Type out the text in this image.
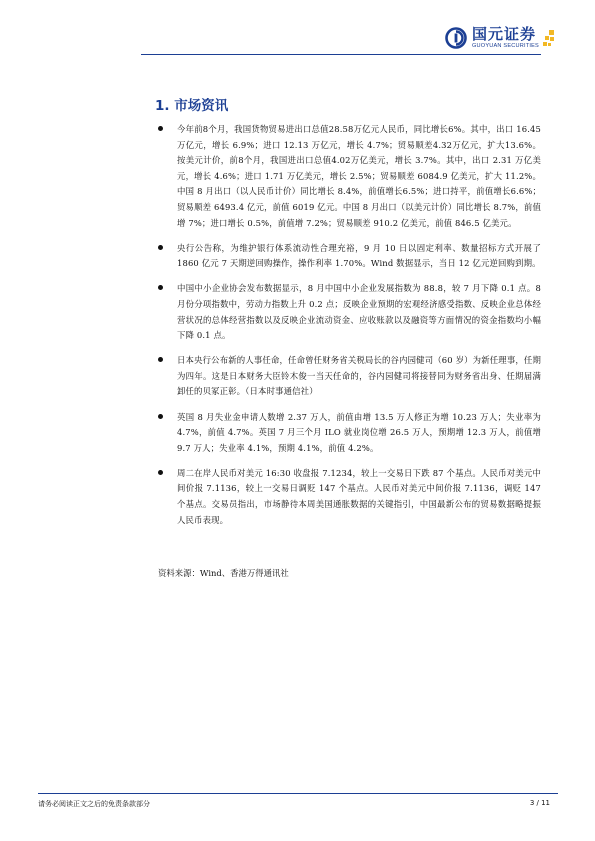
国元证券
GUOYUAN SECURITIES
1. 市场资讯
今年前8个月，我国货物贸易进出口总值28.58万亿元人民币，同比增长6%。其中，出口 16.45 万亿元，增长 6.9%；进口 12.13 万亿元，增长 4.7%；贸易顺差4.32万亿元，扩大13.6%。按美元计价，前8个月，我国进出口总值4.02万亿美元，增长 3.7%。其中，出口 2.31 万亿美元，增长 4.6%；进口 1.71 万亿美元，增长 2.5%；贸易顺差 6084.9 亿美元，扩大 11.2%。中国 8 月出口（以人民币计价）同比增长 8.4%，前值增长6.5%；进口持平，前值增长6.6%；贸易顺差 6493.4 亿元，前值 6019 亿元。中国 8 月出口（以美元计价）同比增长 8.7%，前值增 7%；进口增长 0.5%，前值增 7.2%；贸易顺差 910.2 亿美元，前值 846.5 亿美元。
央行公告称，为维护银行体系流动性合理充裕，9 月 10 日以固定利率、数量招标方式开展了 1860 亿元 7 天期逆回购操作，操作利率 1.70%。Wind 数据显示，当日 12 亿元逆回购到期。
中国中小企业协会发布数据显示，8 月中国中小企业发展指数为 88.8，较 7 月下降 0.1 点。8 月份分项指数中，劳动力指数上升 0.2 点；反映企业预期的宏观经济感受指数、反映企业总体经营状况的总体经营指数以及反映企业流动资金、应收账款以及融资等方面情况的资金指数均小幅下降 0.1 点。
日本央行公布新的人事任命，任命曾任财务省关税局长的谷内园健司（60 岁）为新任理事，任期为四年。这是日本财务大臣铃木俊一当天任命的，谷内园健司将接替同为财务省出身、任期届满卸任的贝冢正彰。（日本时事通信社）
英国 8 月失业金申请人数增 2.37 万人，前值由增 13.5 万人修正为增 10.23 万人；失业率为 4.7%，前值 4.7%。英国 7 月三个月 ILO 就业岗位增 26.5 万人，预期增 12.3 万人，前值增 9.7 万人；失业率 4.1%，预期 4.1%，前值 4.2%。
周二在岸人民币对美元 16:30 收盘报 7.1234，较上一交易日下跌 87 个基点。人民币对美元中间价报 7.1136，较上一交易日调贬 147 个基点。人民币对美元中间价报 7.1136，调贬 147 个基点。交易员指出，市场静待本周美国通胀数据的关键指引，中国最新公布的贸易数据略提振人民币表现。
资料来源：Wind、香港万得通讯社
请务必阅读正文之后的免责条款部分	3 / 11
